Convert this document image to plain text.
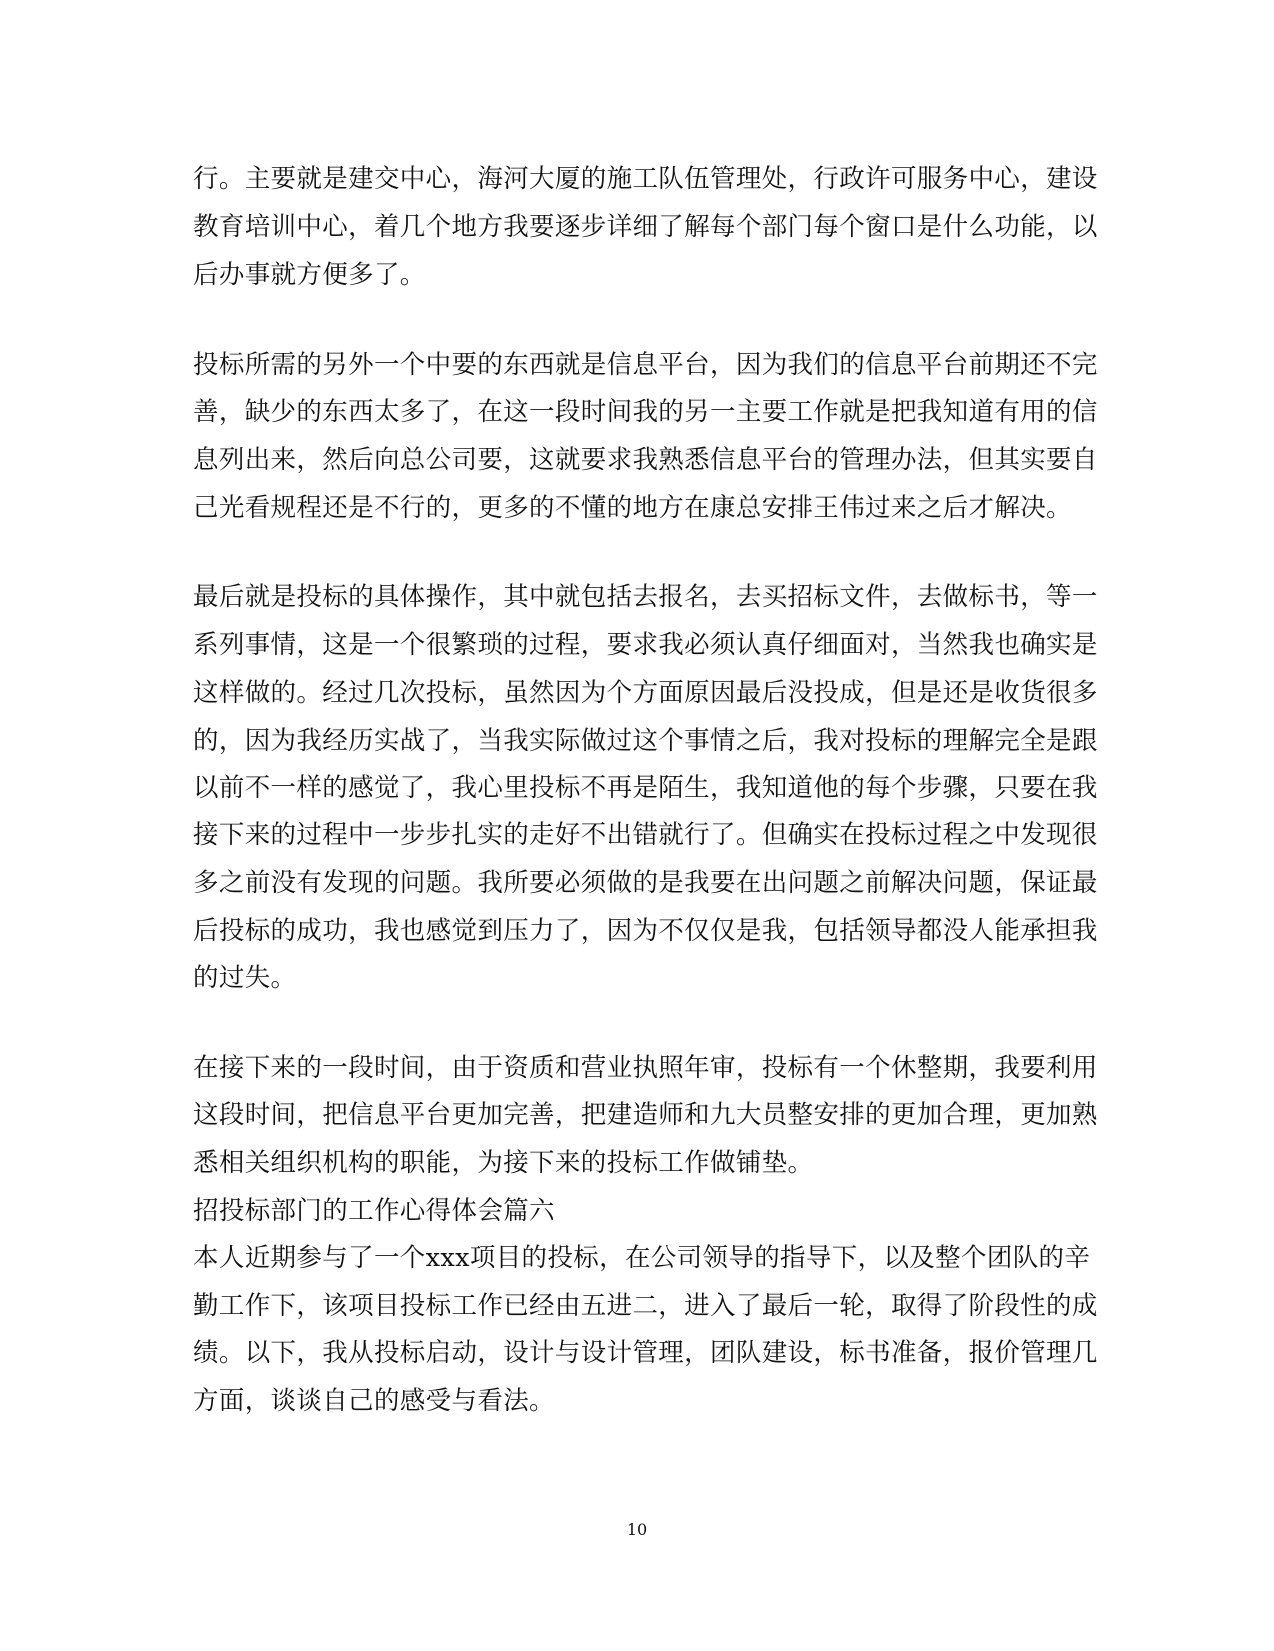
行。主要就是建交中心，海河大厦的施工队伍管理处，行政许可服务中心，建设
教育培训中心，着几个地方我要逐步详细了解每个部门每个窗口是什么功能，以
后办事就方便多了。
投标所需的另外一个中要的东西就是信息平台，因为我们的信息平台前期还不完
善，缺少的东西太多了，在这一段时间我的另一主要工作就是把我知道有用的信
息列出来，然后向总公司要，这就要求我熟悉信息平台的管理办法，但其实要自
己光看规程还是不行的，更多的不懂的地方在康总安排王伟过来之后才解决。
最后就是投标的具体操作，其中就包括去报名，去买招标文件，去做标书，等一
系列事情，这是一个很繁琐的过程，要求我必须认真仔细面对，当然我也确实是
这样做的。经过几次投标，虽然因为个方面原因最后没投成，但是还是收货很多
的，因为我经历实战了，当我实际做过这个事情之后，我对投标的理解完全是跟
以前不一样的感觉了，我心里投标不再是陌生，我知道他的每个步骤，只要在我
接下来的过程中一步步扎实的走好不出错就行了。但确实在投标过程之中发现很
多之前没有发现的问题。我所要必须做的是我要在出问题之前解决问题，保证最
后投标的成功，我也感觉到压力了，因为不仅仅是我，包括领导都没人能承担我
的过失。
在接下来的一段时间，由于资质和营业执照年审，投标有一个休整期，我要利用
这段时间，把信息平台更加完善，把建造师和九大员整安排的更加合理，更加熟
悉相关组织机构的职能，为接下来的投标工作做铺垫。
招投标部门的工作心得体会篇六
本人近期参与了一个xxx项目的投标，在公司领导的指导下，以及整个团队的辛
勤工作下，该项目投标工作已经由五进二，进入了最后一轮，取得了阶段性的成
绩。以下，我从投标启动，设计与设计管理，团队建设，标书准备，报价管理几
方面，谈谈自己的感受与看法。
10
